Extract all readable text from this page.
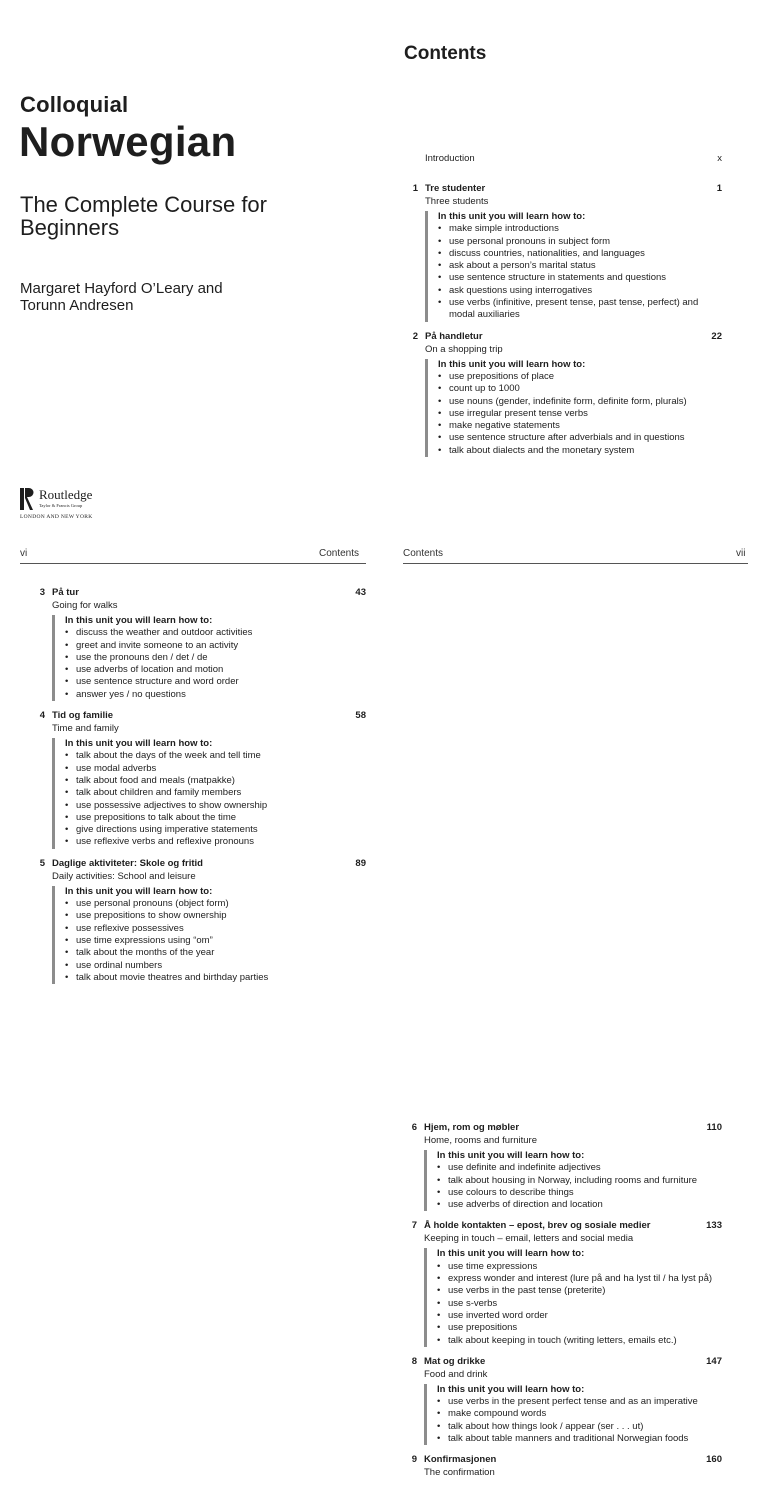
Colloquial
Norwegian
The Complete Course for Beginners
Margaret Hayford O’Leary and
Torunn Andresen
Routledge
Taylor & Francis Group
LONDON AND NEW YORK
Contents
Introduction	x
1 Tre studenter	1
Three students
In this unit you will learn how to:
• make simple introductions
• use personal pronouns in subject form
• discuss countries, nationalities, and languages
• ask about a person’s marital status
• use sentence structure in statements and questions
• ask questions using interrogatives
• use verbs (infinitive, present tense, past tense, perfect) and modal auxiliaries
2 På handletur	22
On a shopping trip
In this unit you will learn how to:
• use prepositions of place
• count up to 1000
• use nouns (gender, indefinite form, definite form, plurals)
• use irregular present tense verbs
• make negative statements
• use sentence structure after adverbials and in questions
• talk about dialects and the monetary system
vi	Contents
3 På tur	43
Going for walks
In this unit you will learn how to:
• discuss the weather and outdoor activities
• greet and invite someone to an activity
• use the pronouns den / det / de
• use adverbs of location and motion
• use sentence structure and word order
• answer yes / no questions
4 Tid og familie	58
Time and family
In this unit you will learn how to:
• talk about the days of the week and tell time
• use modal adverbs
• talk about food and meals (matpakke)
• talk about children and family members
• use possessive adjectives to show ownership
• use prepositions to talk about the time
• give directions using imperative statements
• use reflexive verbs and reflexive pronouns
5 Daglige aktiviteter: Skole og fritid	89
Daily activities: School and leisure
In this unit you will learn how to:
• use personal pronouns (object form)
• use prepositions to show ownership
• use reflexive possessives
• use time expressions using “om”
• talk about the months of the year
• use ordinal numbers
• talk about movie theatres and birthday parties
6 Hjem, rom og møbler	110
Home, rooms and furniture
In this unit you will learn how to:
• use definite and indefinite adjectives
• talk about housing in Norway, including rooms and furniture
• use colours to describe things
• use adverbs of direction and location
7 Å holde kontakten – epost, brev og sosiale medier	133
Keeping in touch – email, letters and social media
In this unit you will learn how to:
• use time expressions
• express wonder and interest (lure på and ha lyst til / ha lyst på)
• use verbs in the past tense (preterite)
• use s-verbs
• use inverted word order
• use prepositions
• talk about keeping in touch (writing letters, emails etc.)
8 Mat og drikke	147
Food and drink
In this unit you will learn how to:
• use verbs in the present perfect tense and as an imperative
• make compound words
• talk about how things look / appear (ser . . . ut)
• talk about table manners and traditional Norwegian foods
9 Konfirmasjonen	160
The confirmation
Contents	vii
